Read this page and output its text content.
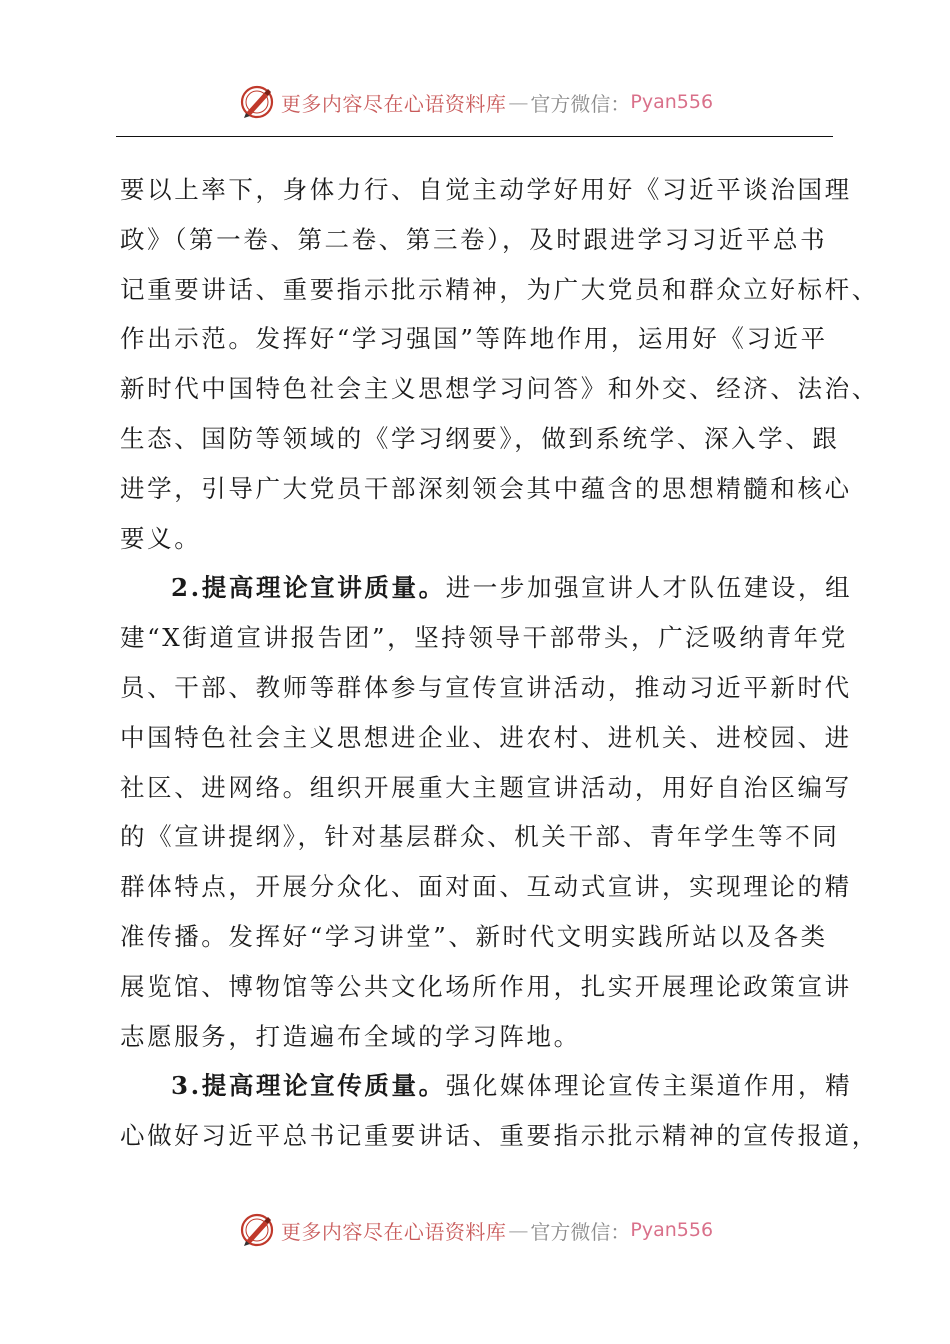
更多内容尽在心语资料库 — 官方微信： Pyan556
要以上率下，身体力行、自觉主动学好用好《习近平谈治国理
政》（第一卷、第二卷、第三卷），及时跟进学习习近平总书
记重要讲话、重要指示批示精神，为广大党员和群众立好标杆、
作出示范。发挥好“学习强国”等阵地作用，运用好《习近平
新时代中国特色社会主义思想学习问答》和外交、经济、法治、
生态、国防等领域的《学习纲要》，做到系统学、深入学、跟
进学，引导广大党员干部深刻领会其中蕴含的思想精髓和核心
要义。
2.提高理论宣讲质量。进一步加强宣讲人才队伍建设，组
建“X街道宣讲报告团”，坚持领导干部带头，广泛吸纳青年党
员、干部、教师等群体参与宣传宣讲活动，推动习近平新时代
中国特色社会主义思想进企业、进农村、进机关、进校园、进
社区、进网络。组织开展重大主题宣讲活动，用好自治区编写
的《宣讲提纲》，针对基层群众、机关干部、青年学生等不同
群体特点，开展分众化、面对面、互动式宣讲，实现理论的精
准传播。发挥好“学习讲堂”、新时代文明实践所站以及各类
展览馆、博物馆等公共文化场所作用，扎实开展理论政策宣讲
志愿服务，打造遍布全域的学习阵地。
3.提高理论宣传质量。强化媒体理论宣传主渠道作用，精
心做好习近平总书记重要讲话、重要指示批示精神的宣传报道，
更多内容尽在心语资料库 — 官方微信： Pyan556
